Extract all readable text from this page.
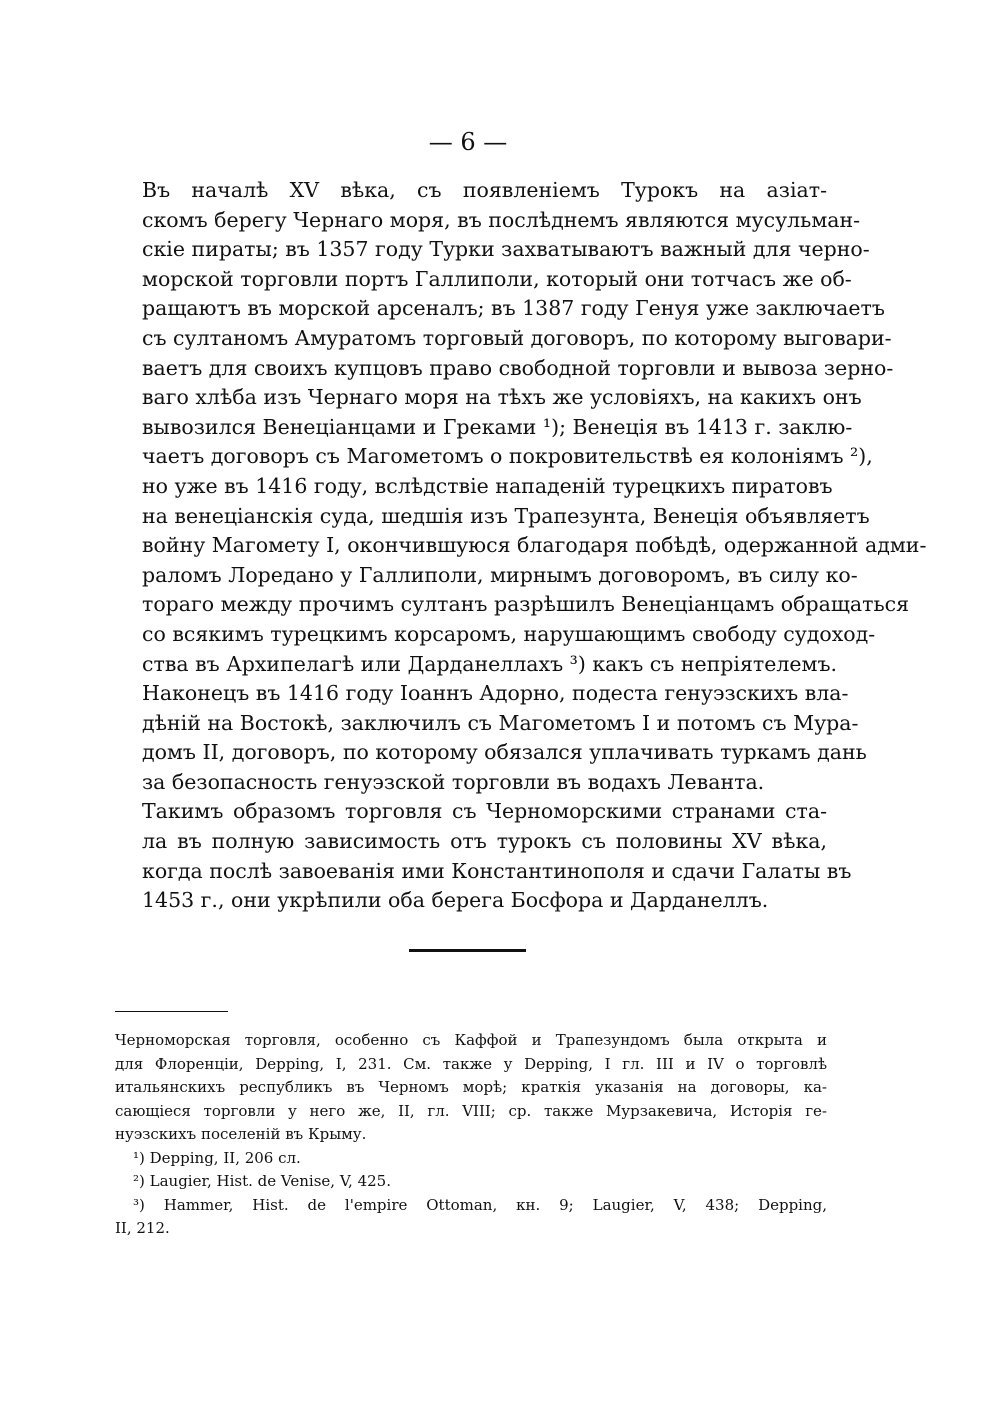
— 6 —

Въ началѣ XV вѣка, съ появленіемъ Турокъ на азіат-
скомъ берегу Чернаго моря, въ послѣднемъ являются мусульман-
скіе пираты; въ 1357 году Турки захватываютъ важный для черно-
морской торговли портъ Галлиполи, который они тотчасъ же об-
ращаютъ въ морской арсеналъ; въ 1387 году Генуя уже заключаетъ
съ султаномъ Амуратомъ торговый договоръ, по которому выговари-
ваетъ для своихъ купцовъ право свободной торговли и вывоза зерно-
ваго хлѣба изъ Чернаго моря на тѣхъ же условіяхъ, на какихъ онъ
вывозился Венеціанцами и Греками ¹); Венеція въ 1413 г. заклю-
чаетъ договоръ съ Магометомъ о покровительствѣ ея колоніямъ ²),
но уже въ 1416 году, вслѣдствіе нападеній турецкихъ пиратовъ
на венеціанскія суда, шедшія изъ Трапезунта, Венеція объявляетъ
войну Магомету I, окончившуюся благодаря побѣдѣ, одержанной адми-
раломъ Лоредано у Галлиполи, мирнымъ договоромъ, въ силу ко-
тораго между прочимъ султанъ разрѣшилъ Венеціанцамъ обращаться
со всякимъ турецкимъ корсаромъ, нарушающимъ свободу судоход-
ства въ Архипелагѣ или Дарданеллахъ ³) какъ съ непріятелемъ.
Наконецъ въ 1416 году Іоаннъ Адорно, подеста генуэзскихъ вла-
дѣній на Востокѣ, заключилъ съ Магометомъ I и потомъ съ Мура-
домъ II, договоръ, по которому обязался уплачивать туркамъ дань
за безопасность генуэзской торговли въ водахъ Леванта.

Такимъ образомъ торговля съ Черноморскими странами ста-
ла въ полную зависимость отъ турокъ съ половины XV вѣка,
когда послѣ завоеванія ими Константинополя и сдачи Галаты въ
1453 г., они укрѣпили оба берега Босфора и Дарданеллъ.

Черноморская торговля, особенно съ Каффой и Трапезундомъ была открыта и
для Флоренціи, Depping, I, 231. См. также у Depping, I гл. III и IV о торговлѣ
итальянскихъ республикъ въ Черномъ морѣ; краткія указанія на договоры, ка-
сающіеся торговли у него же, II, гл. VIII; ср. также Мурзакевича, Исторія ге-
нуэзскихъ поселеній въ Крыму.

¹) Depping, II, 206 сл.

²) Laugier, Hist. de Venise, V, 425.

³) Hammer, Hist. de l'empire Ottoman, кн. 9; Laugier, V, 438; Depping,
II, 212.
